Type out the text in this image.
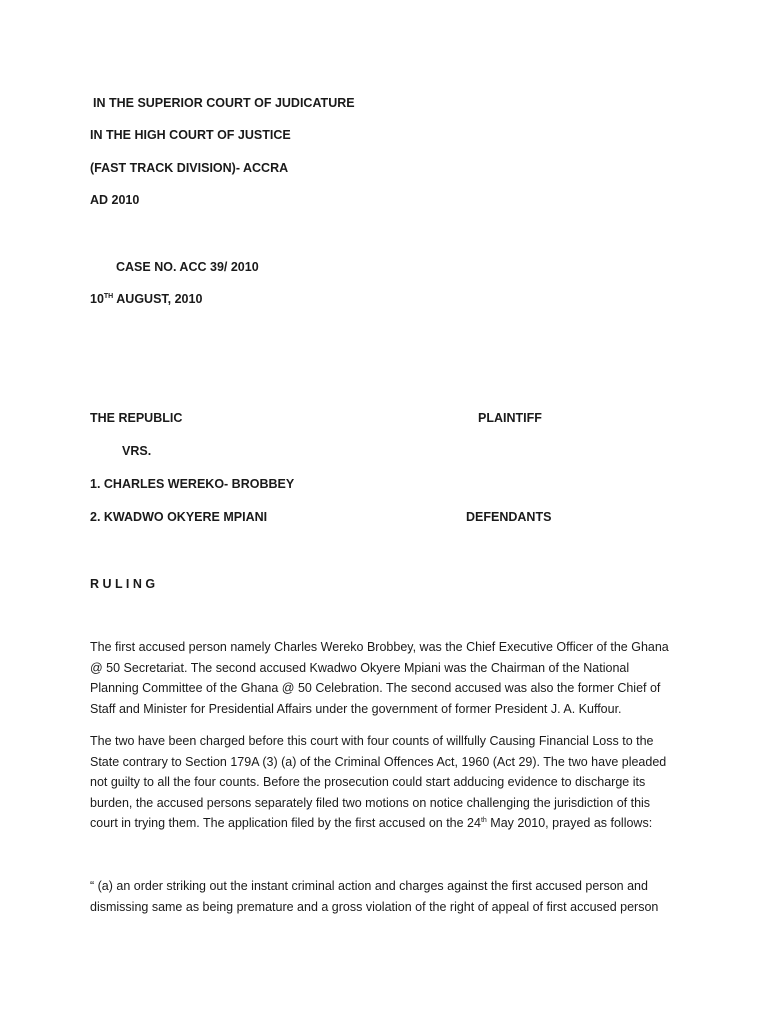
IN THE SUPERIOR COURT OF JUDICATURE
IN THE HIGH COURT OF JUSTICE
(FAST TRACK DIVISION)- ACCRA
AD 2010
CASE NO. ACC 39/ 2010
10TH AUGUST, 2010
THE REPUBLIC	PLAINTIFF
VRS.
1. CHARLES WEREKO- BROBBEY
2. KWADWO OKYERE MPIANI	DEFENDANTS
R U L I N G
The first accused person namely Charles Wereko Brobbey, was the Chief Executive Officer of the Ghana
@ 50 Secretariat. The second accused Kwadwo Okyere Mpiani was the Chairman of the National
Planning Committee of the Ghana @ 50 Celebration. The second accused was also the former Chief of
Staff and Minister for Presidential Affairs under the government of former President J. A. Kuffour.
The two have been charged before this court with four counts of willfully Causing Financial Loss to the
State contrary to Section 179A (3) (a) of the Criminal Offences Act, 1960 (Act 29). The two have pleaded
not guilty to all the four counts. Before the prosecution could start adducing evidence to discharge its
burden, the accused persons separately filed two motions on notice challenging the jurisdiction of this
court in trying them. The application filed by the first accused on the 24th May 2010, prayed as follows:
“ (a) an order striking out the instant criminal action and charges against the first accused person and
dismissing same as being premature and a gross violation of the right of appeal of first accused person
